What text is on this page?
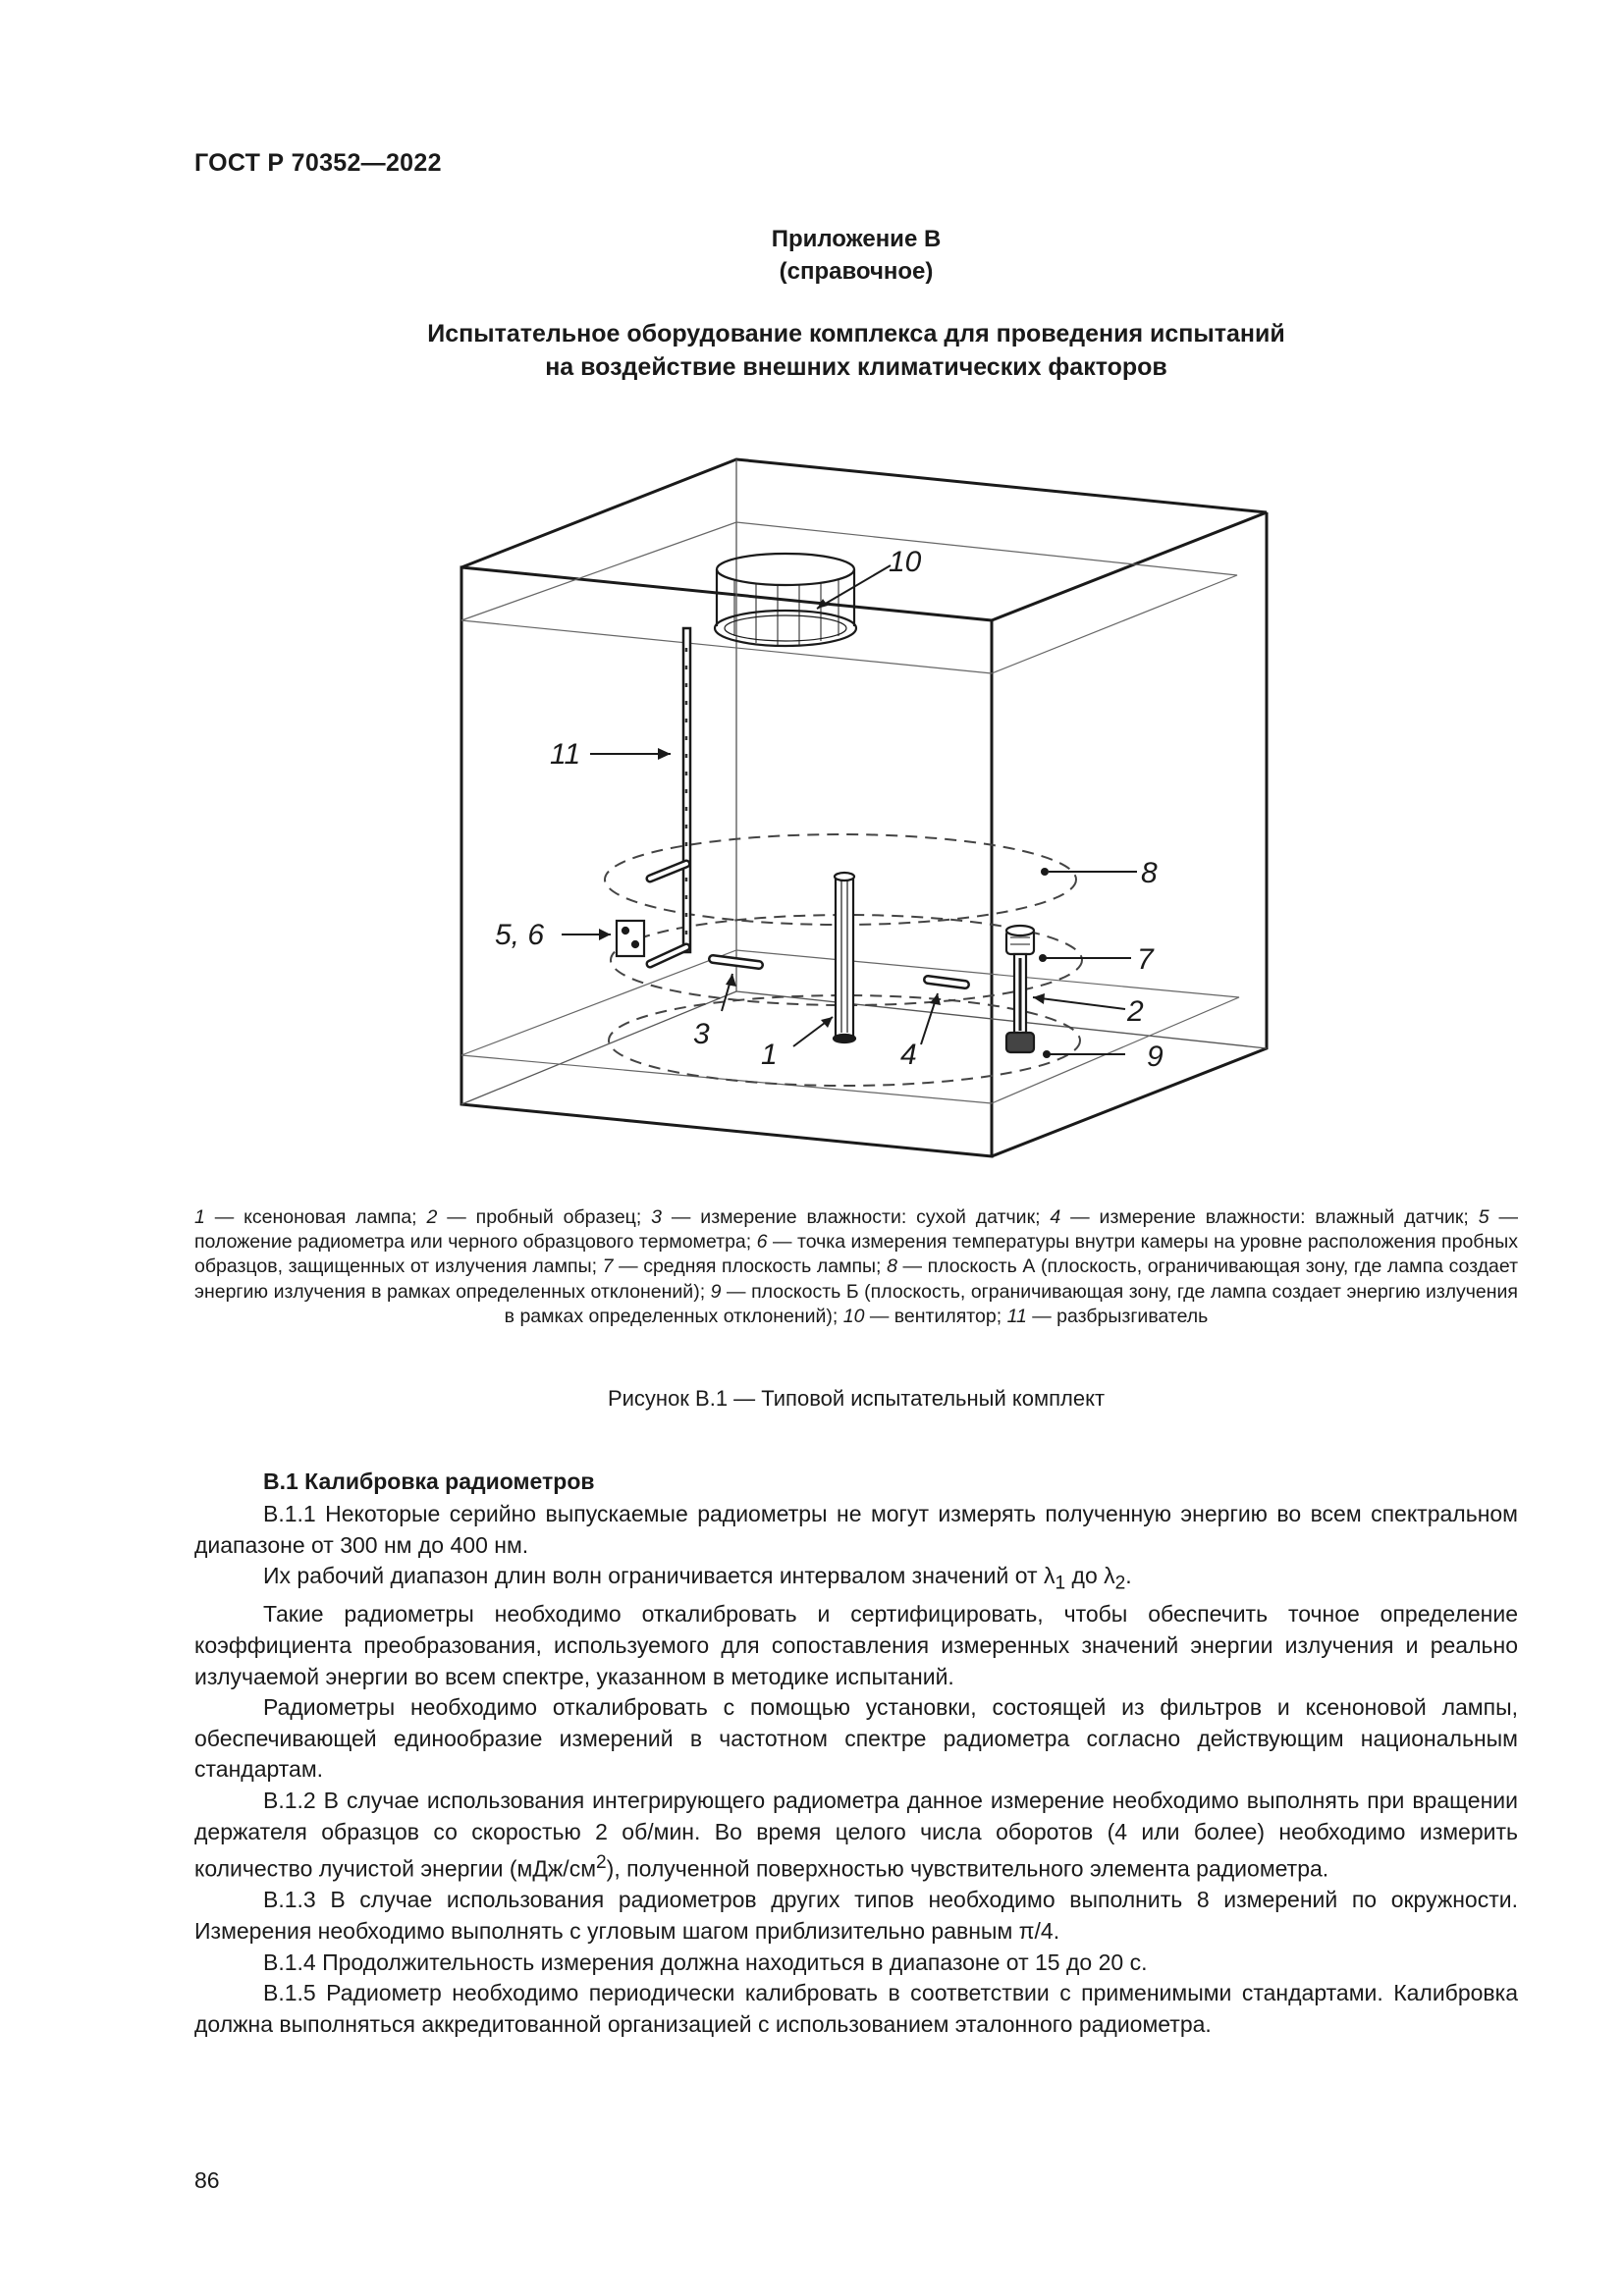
ГОСТ Р 70352—2022
Приложение В
(справочное)
Испытательное оборудование комплекса для проведения испытаний
на воздействие внешних климатических факторов
10
11
8
5, 6
7
2
9
3
1	4
1 — ксеноновая лампа; 2 — пробный образец; 3 — измерение влажности: сухой датчик; 4 — измерение влажности: влажный датчик; 5 — положение радиометра или черного образцового термометра; 6 — точка измерения температуры внутри камеры на уровне расположения пробных образцов, защищенных от излучения лампы; 7 — средняя плоскость лампы; 8 — плоскость А (плоскость, ограничивающая зону, где лампа создает энергию излучения в рамках определенных отклонений); 9 — плоскость Б (плоскость, ограничивающая зону, где лампа создает энергию излучения в рамках определенных отклонений); 10 — вентилятор; 11 — разбрызгиватель
Рисунок В.1 — Типовой испытательный комплект
В.1 Калибровка радиометров

В.1.1 Некоторые серийно выпускаемые радиометры не могут измерять полученную энергию во всем спектральном диапазоне от 300 нм до 400 нм.

Их рабочий диапазон длин волн ограничивается интервалом значений от $\lambda_1$ до $\lambda_2$.

Такие радиометры необходимо откалибровать и сертифицировать, чтобы обеспечить точное определение коэффициента преобразования, используемого для сопоставления измеренных значений энергии излучения и реально излучаемой энергии во всем спектре, указанном в методике испытаний.

Радиометры необходимо откалибровать с помощью установки, состоящей из фильтров и ксеноновой лампы, обеспечивающей единообразие измерений в частотном спектре радиометра согласно действующим национальным стандартам.

В.1.2 В случае использования интегрирующего радиометра данное измерение необходимо выполнять при вращении держателя образцов со скоростью 2 об/мин. Во время целого числа оборотов (4 или более) необходимо измерить количество лучистой энергии $(мДж/см^2)$, полученной поверхностью чувствительного элемента радиометра.

В.1.3 В случае использования радиометров других типов необходимо выполнить 8 измерений по окружности. Измерения необходимо выполнять с угловым шагом приблизительно равным π/4.

В.1.4 Продолжительность измерения должна находиться в диапазоне от 15 до 20 с.

В.1.5 Радиометр необходимо периодически калибровать в соответствии с применимыми стандартами. Калибровка должна выполняться аккредитованной организацией с использованием эталонного радиометра.

86
